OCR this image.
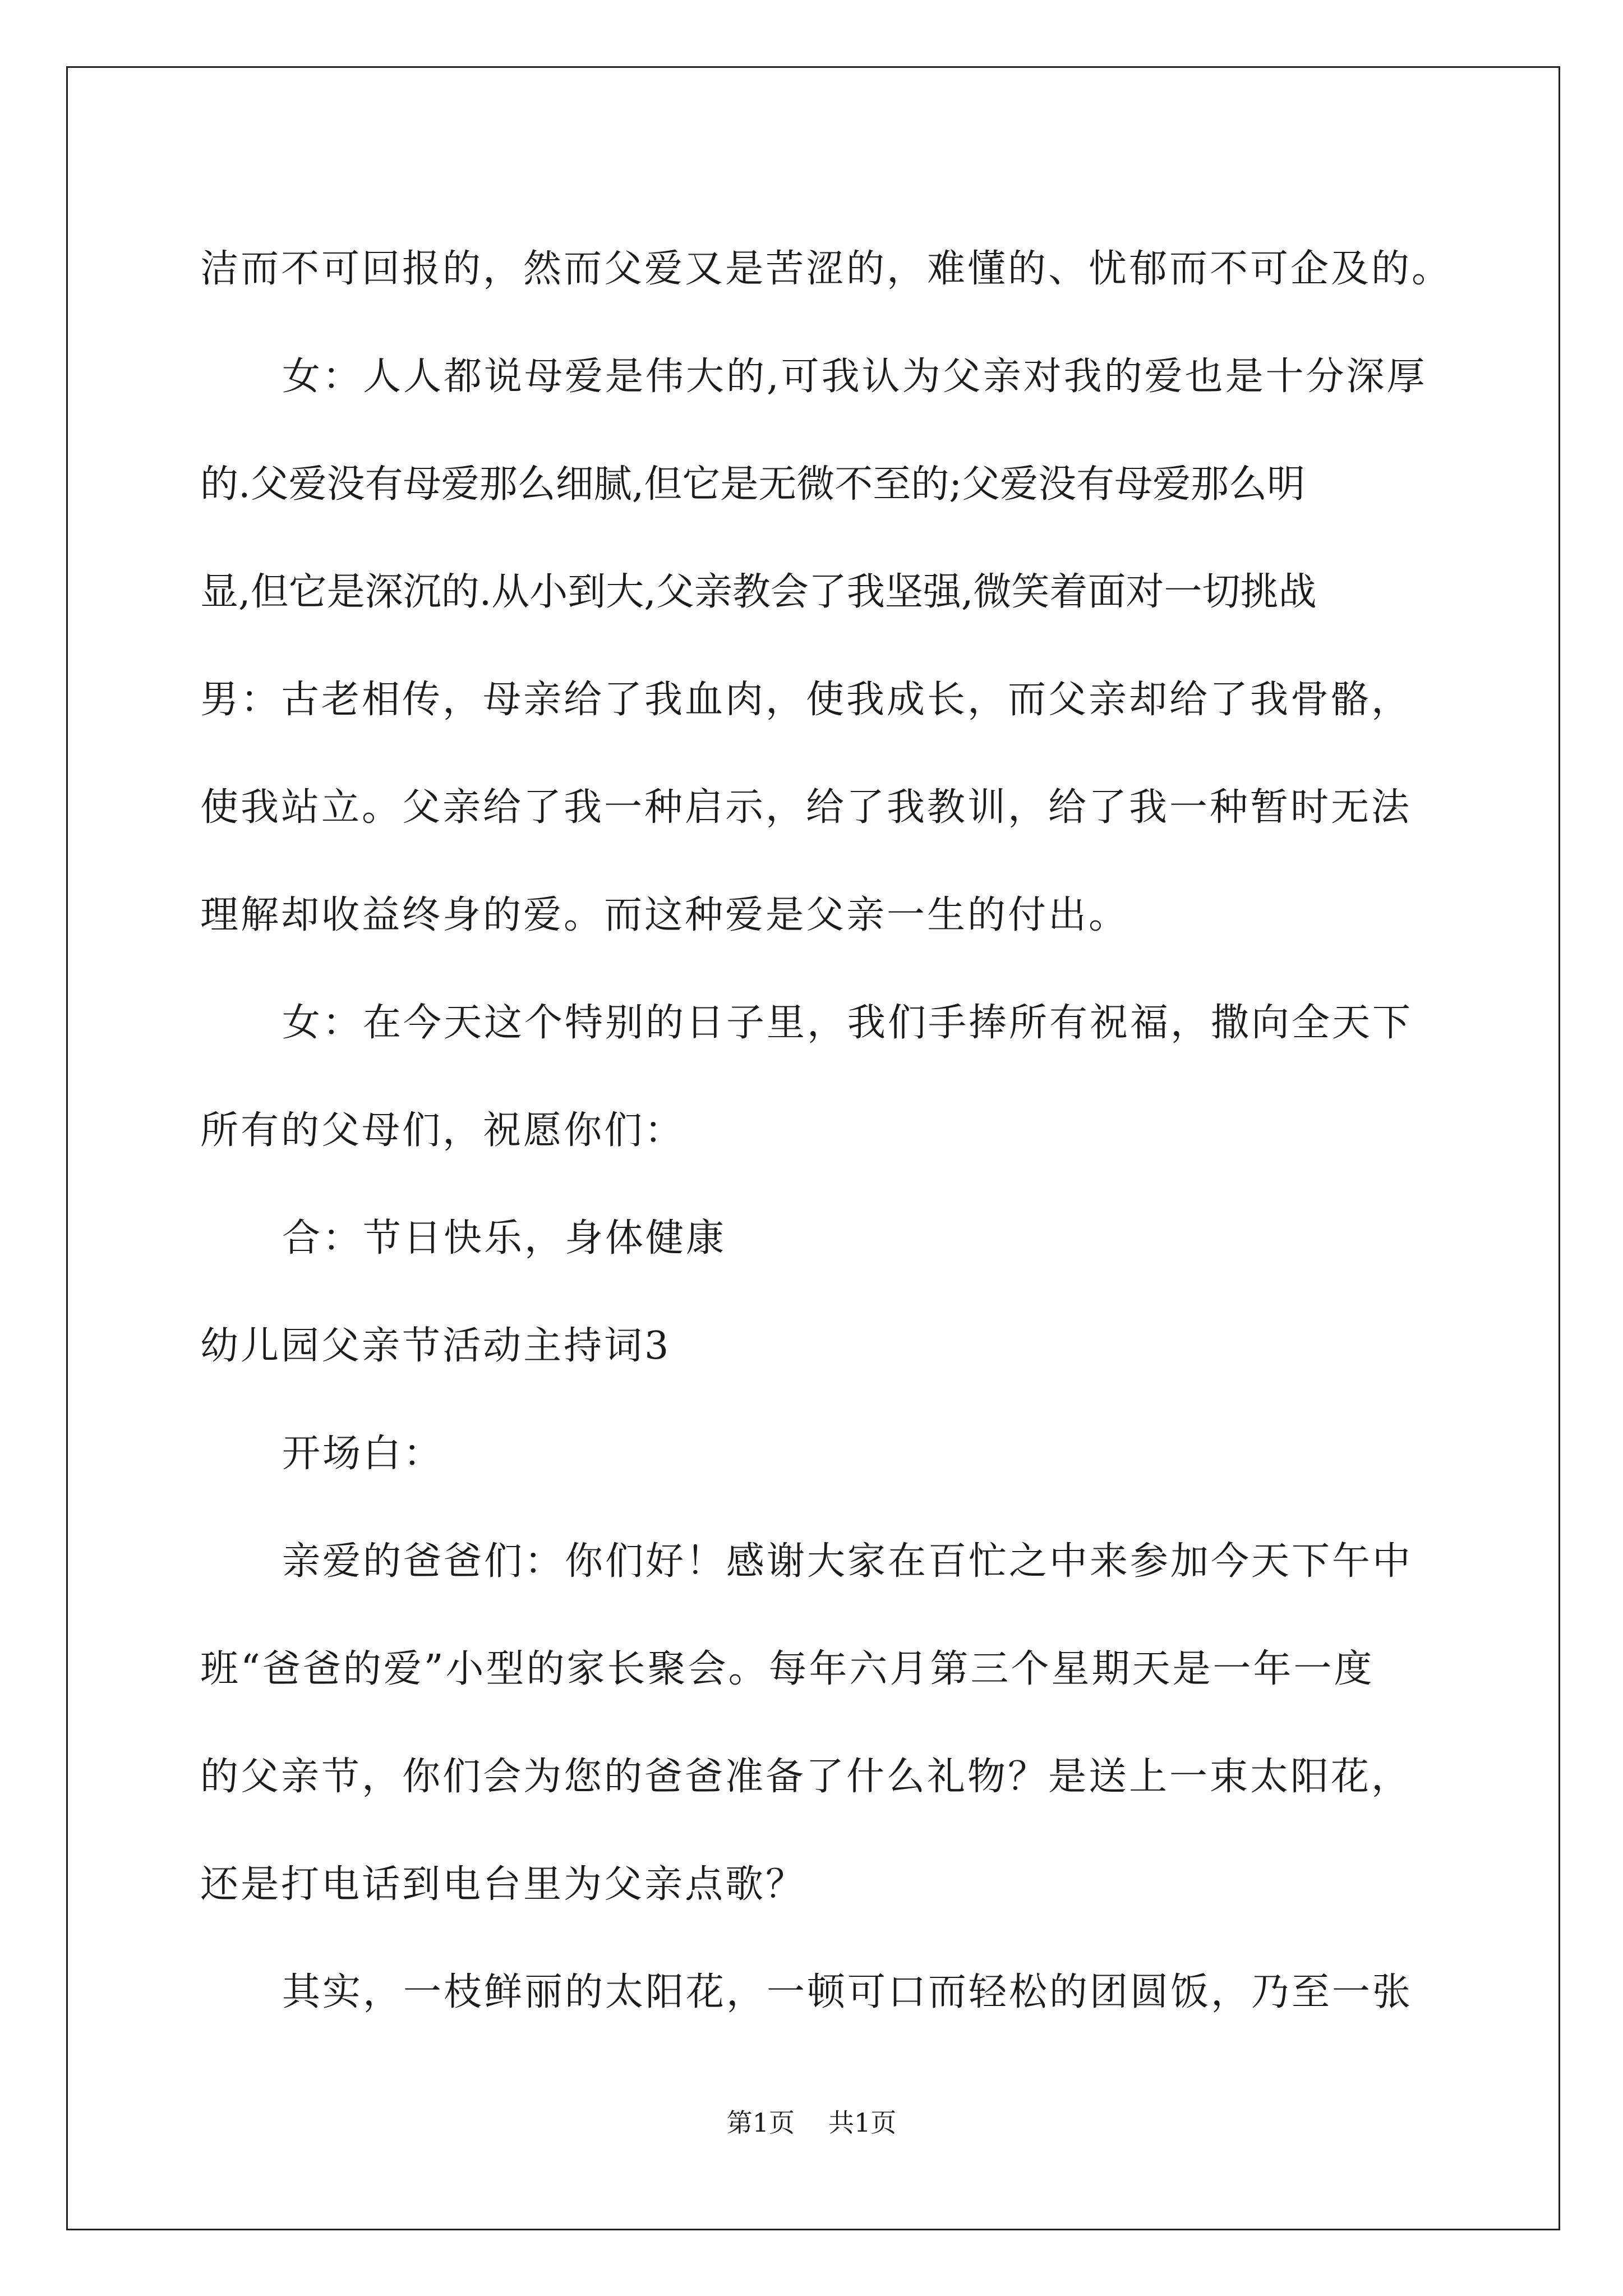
洁而不可回报的，然而父爱又是苦涩的，难懂的、忧郁而不可企及的。
女：人人都说母爱是伟大的,可我认为父亲对我的爱也是十分深厚
的.父爱没有母爱那么细腻,但它是无微不至的;父爱没有母爱那么明
显,但它是深沉的.从小到大,父亲教会了我坚强,微笑着面对一切挑战
男：古老相传，母亲给了我血肉，使我成长，而父亲却给了我骨骼，
使我站立。父亲给了我一种启示，给了我教训，给了我一种暂时无法
理解却收益终身的爱。而这种爱是父亲一生的付出。
女：在今天这个特别的日子里，我们手捧所有祝福，撒向全天下
所有的父母们，祝愿你们：
合：节日快乐，身体健康
幼儿园父亲节活动主持词3
开场白：
亲爱的爸爸们：你们好！感谢大家在百忙之中来参加今天下午中
班“爸爸的爱”小型的家长聚会。每年六月第三个星期天是一年一度
的父亲节，你们会为您的爸爸准备了什么礼物？是送上一束太阳花，
还是打电话到电台里为父亲点歌？
其实，一枝鲜丽的太阳花，一顿可口而轻松的团圆饭，乃至一张
第1页 共1页
